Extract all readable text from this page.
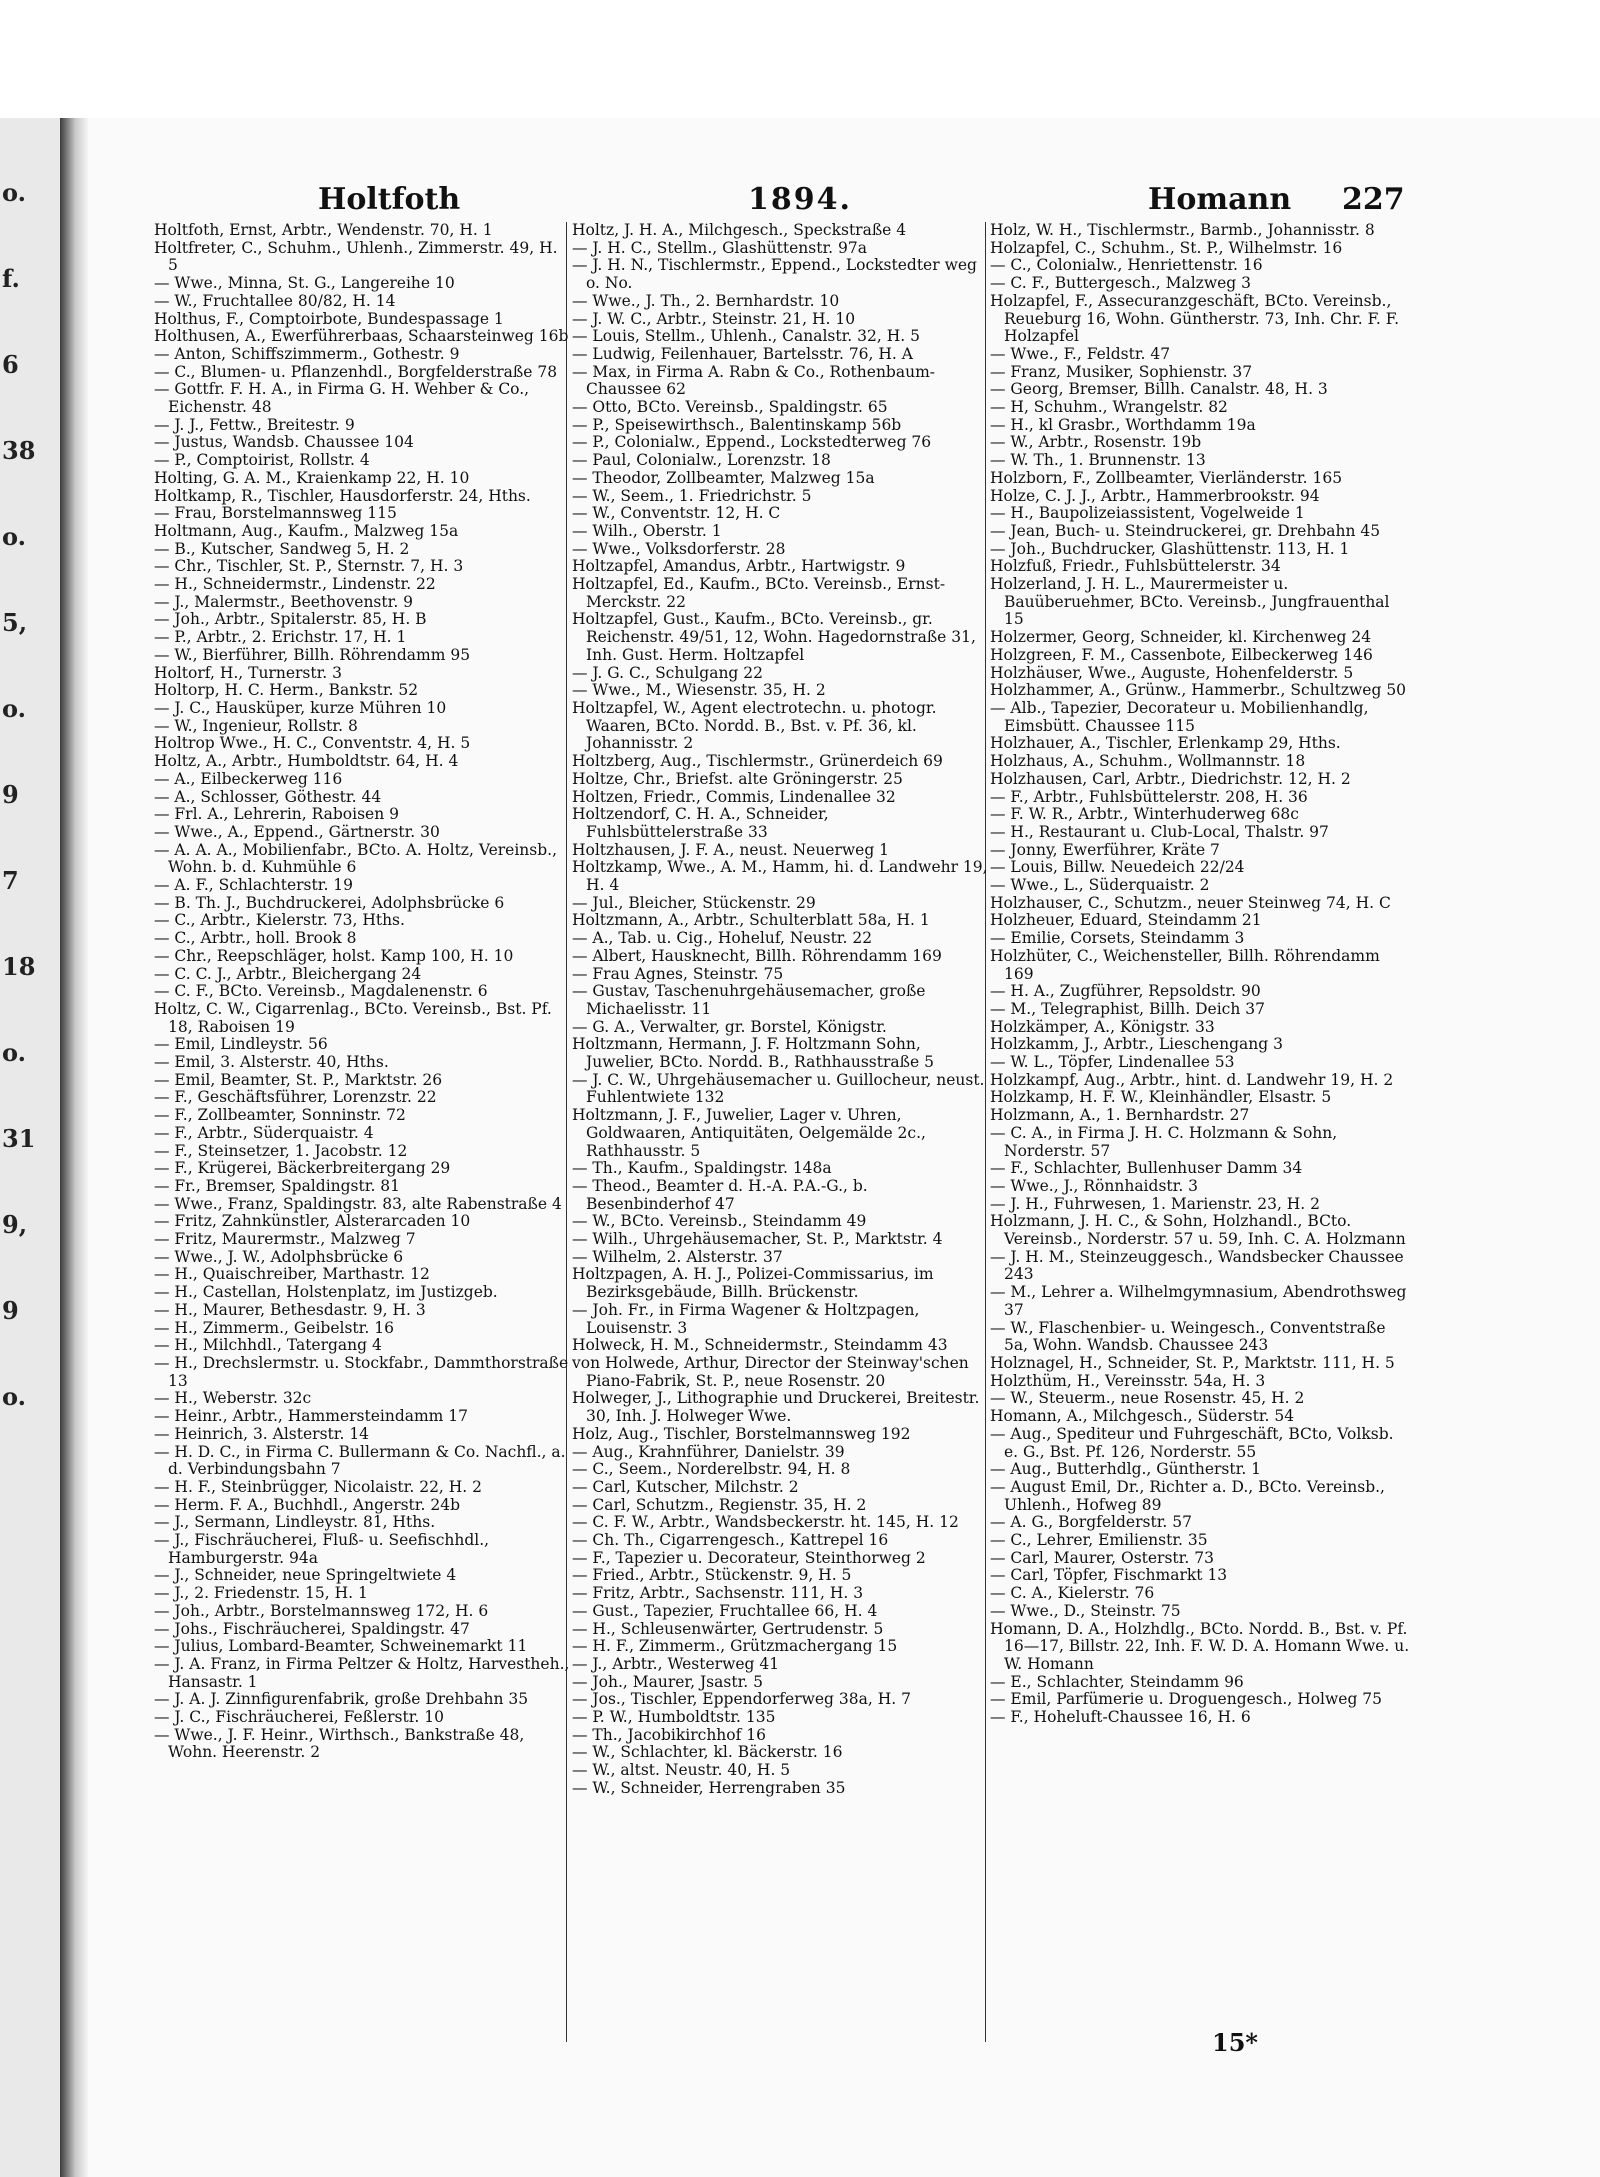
o.
f.
6
38
o.
5,
o.
9
7
18
o.
31
9,
9
o.
Holtfoth	1894.	Homann 227

Holtfoth, Ernst, Arbtr., Wendenstr. 70, H. 1

Holtfreter, C., Schuhm., Uhlenh., Zimmerstr. 49, H. 5

— Wwe., Minna, St. G., Langereihe 10

— W., Fruchtallee 80/82, H. 14

Holthus, F., Comptoirbote, Bundespassage 1

Holthusen, A., Ewerführerbaas, Schaarsteinweg 16b

— Anton, Schiffszimmerm., Gothestr. 9

— C., Blumen- u. Pflanzenhdl., Borgfelderstraße 78

— Gottfr. F. H. A., in Firma G. H. Wehber & Co., Eichenstr. 48

— J. J., Fettw., Breitestr. 9

— Justus, Wandsb. Chaussee 104

— P., Comptoirist, Rollstr. 4

Holting, G. A. M., Kraienkamp 22, H. 10

Holtkamp, R., Tischler, Hausdorferstr. 24, Hths.

— Frau, Borstelmannsweg 115

Holtmann, Aug., Kaufm., Malzweg 15a

— B., Kutscher, Sandweg 5, H. 2

— Chr., Tischler, St. P., Sternstr. 7, H. 3

— H., Schneidermstr., Lindenstr. 22

— J., Malermstr., Beethovenstr. 9

— Joh., Arbtr., Spitalerstr. 85, H. B

— P., Arbtr., 2. Erichstr. 17, H. 1

— W., Bierführer, Billh. Röhrendamm 95

Holtorf, H., Turnerstr. 3

Holtorp, H. C. Herm., Bankstr. 52

— J. C., Hausküper, kurze Mühren 10

— W., Ingenieur, Rollstr. 8

Holtrop Wwe., H. C., Conventstr. 4, H. 5

Holtz, A., Arbtr., Humboldtstr. 64, H. 4

— A., Eilbeckerweg 116

— A., Schlosser, Göthestr. 44

— Frl. A., Lehrerin, Raboisen 9

— Wwe., A., Eppend., Gärtnerstr. 30

— A. A. A., Mobilienfabr., BCto. A. Holtz, Vereinsb., Wohn. b. d. Kuhmühle 6

— A. F., Schlachterstr. 19

— B. Th. J., Buchdruckerei, Adolphsbrücke 6

— C., Arbtr., Kielerstr. 73, Hths.

— C., Arbtr., holl. Brook 8

— Chr., Reepschläger, holst. Kamp 100, H. 10

— C. C. J., Arbtr., Bleichergang 24

— C. F., BCto. Vereinsb., Magdalenenstr. 6

Holtz, C. W., Cigarrenlag., BCto. Vereinsb., Bst. Pf. 18, Raboisen 19

— Emil, Lindleystr. 56

— Emil, 3. Alsterstr. 40, Hths.

— Emil, Beamter, St. P., Marktstr. 26

— F., Geschäftsführer, Lorenzstr. 22

— F., Zollbeamter, Sonninstr. 72

— F., Arbtr., Süderquaistr. 4

— F., Steinsetzer, 1. Jacobstr. 12

— F., Krügerei, Bäckerbreitergang 29

— Fr., Bremser, Spaldingstr. 81

— Wwe., Franz, Spaldingstr. 83, alte Rabenstraße 4

— Fritz, Zahnkünstler, Alsterarcaden 10

— Fritz, Maurermstr., Malzweg 7

— Wwe., J. W., Adolphsbrücke 6

— H., Quaischreiber, Marthastr. 12

— H., Castellan, Holstenplatz, im Justizgeb.

— H., Maurer, Bethesdastr. 9, H. 3

— H., Zimmerm., Geibelstr. 16

— H., Milchhdl., Tatergang 4

— H., Drechslermstr. u. Stockfabr., Dammthorstraße 13

— H., Weberstr. 32c

— Heinr., Arbtr., Hammersteindamm 17

— Heinrich, 3. Alsterstr. 14

— H. D. C., in Firma C. Bullermann & Co. Nachfl., a. d. Verbindungsbahn 7

— H. F., Steinbrügger, Nicolaistr. 22, H. 2

— Herm. F. A., Buchhdl., Angerstr. 24b

— J., Sermann, Lindleystr. 81, Hths.

— J., Fischräucherei, Fluß- u. Seefischhdl., Hamburgerstr. 94a

— J., Schneider, neue Springeltwiete 4

— J., 2. Friedenstr. 15, H. 1

— Joh., Arbtr., Borstelmannsweg 172, H. 6

— Johs., Fischräucherei, Spaldingstr. 47

— Julius, Lombard-Beamter, Schweinemarkt 11

— J. A. Franz, in Firma Peltzer & Holtz, Harvestheh., Hansastr. 1

— J. A. J. Zinnfigurenfabrik, große Drehbahn 35

— J. C., Fischräucherei, Feßlerstr. 10

— Wwe., J. F. Heinr., Wirthsch., Bankstraße 48, Wohn. Heerenstr. 2

Holtz, J. H. A., Milchgesch., Speckstraße 4

— J. H. C., Stellm., Glashüttenstr. 97a

— J. H. N., Tischlermstr., Eppend., Lockstedter weg o. No.

— Wwe., J. Th., 2. Bernhardstr. 10

— J. W. C., Arbtr., Steinstr. 21, H. 10

— Louis, Stellm., Uhlenh., Canalstr. 32, H. 5

— Ludwig, Feilenhauer, Bartelsstr. 76, H. A

— Max, in Firma A. Rabn & Co., Rothenbaum-Chaussee 62

— Otto, BCto. Vereinsb., Spaldingstr. 65

— P., Speisewirthsch., Balentinskamp 56b

— P., Colonialw., Eppend., Lockstedterweg 76

— Paul, Colonialw., Lorenzstr. 18

— Theodor, Zollbeamter, Malzweg 15a

— W., Seem., 1. Friedrichstr. 5

— W., Conventstr. 12, H. C

— Wilh., Oberstr. 1

— Wwe., Volksdorferstr. 28

Holtzapfel, Amandus, Arbtr., Hartwigstr. 9

Holtzapfel, Ed., Kaufm., BCto. Vereinsb., Ernst-Merckstr. 22

Holtzapfel, Gust., Kaufm., BCto. Vereinsb., gr. Reichenstr. 49/51, 12, Wohn. Hagedornstraße 31, Inh. Gust. Herm. Holtzapfel

— J. G. C., Schulgang 22

— Wwe., M., Wiesenstr. 35, H. 2

Holtzapfel, W., Agent electrotechn. u. photogr. Waaren, BCto. Nordd. B., Bst. v. Pf. 36, kl. Johannisstr. 2

Holtzberg, Aug., Tischlermstr., Grünerdeich 69

Holtze, Chr., Briefst. alte Gröningerstr. 25

Holtzen, Friedr., Commis, Lindenallee 32

Holtzendorf, C. H. A., Schneider, Fuhlsbüttelerstraße 33

Holtzhausen, J. F. A., neust. Neuerweg 1

Holtzkamp, Wwe., A. M., Hamm, hi. d. Landwehr 19, H. 4

— Jul., Bleicher, Stückenstr. 29

Holtzmann, A., Arbtr., Schulterblatt 58a, H. 1

— A., Tab. u. Cig., Hoheluf, Neustr. 22

— Albert, Hausknecht, Billh. Röhrendamm 169

— Frau Agnes, Steinstr. 75

— Gustav, Taschenuhrgehäusemacher, große Michaelisstr. 11

— G. A., Verwalter, gr. Borstel, Königstr.

Holtzmann, Hermann, J. F. Holtzmann Sohn, Juwelier, BCto. Nordd. B., Rathhausstraße 5

— J. C. W., Uhrgehäusemacher u. Guillocheur, neust. Fuhlentwiete 132

Holtzmann, J. F., Juwelier, Lager v. Uhren, Goldwaaren, Antiquitäten, Oelgemälde 2c., Rathhausstr. 5

— Th., Kaufm., Spaldingstr. 148a

— Theod., Beamter d. H.-A. P.A.-G., b. Besenbinderhof 47

— W., BCto. Vereinsb., Steindamm 49

— Wilh., Uhrgehäusemacher, St. P., Marktstr. 4

— Wilhelm, 2. Alsterstr. 37

Holtzpagen, A. H. J., Polizei-Commissarius, im Bezirksgebäude, Billh. Brückenstr.

— Joh. Fr., in Firma Wagener & Holtzpagen, Louisenstr. 3

Holweck, H. M., Schneidermstr., Steindamm 43

von Holwede, Arthur, Director der Steinway'schen Piano-Fabrik, St. P., neue Rosenstr. 20

Holweger, J., Lithographie und Druckerei, Breitestr. 30, Inh. J. Holweger Wwe.

Holz, Aug., Tischler, Borstelmannsweg 192

— Aug., Krahnführer, Danielstr. 39

— C., Seem., Norderelbstr. 94, H. 8

— Carl, Kutscher, Milchstr. 2

— Carl, Schutzm., Regienstr. 35, H. 2

— C. F. W., Arbtr., Wandsbeckerstr. ht. 145, H. 12

— Ch. Th., Cigarrengesch., Kattrepel 16

— F., Tapezier u. Decorateur, Steinthorweg 2

— Fried., Arbtr., Stückenstr. 9, H. 5

— Fritz, Arbtr., Sachsenstr. 111, H. 3

— Gust., Tapezier, Fruchtallee 66, H. 4

— H., Schleusenwärter, Gertrudenstr. 5

— H. F., Zimmerm., Grützmachergang 15

— J., Arbtr., Westerweg 41

— Joh., Maurer, Jsastr. 5

— Jos., Tischler, Eppendorferweg 38a, H. 7

— P. W., Humboldtstr. 135

— Th., Jacobikirchhof 16

— W., Schlachter, kl. Bäckerstr. 16

— W., altst. Neustr. 40, H. 5

— W., Schneider, Herrengraben 35

Holz, W. H., Tischlermstr., Barmb., Johannisstr. 8

Holzapfel, C., Schuhm., St. P., Wilhelmstr. 16

— C., Colonialw., Henriettenstr. 16

— C. F., Buttergesch., Malzweg 3

Holzapfel, F., Assecuranzgeschäft, BCto. Vereinsb., Reueburg 16, Wohn. Güntherstr. 73, Inh. Chr. F. F. Holzapfel

— Wwe., F., Feldstr. 47

— Franz, Musiker, Sophienstr. 37

— Georg, Bremser, Billh. Canalstr. 48, H. 3

— H, Schuhm., Wrangelstr. 82

— H., kl Grasbr., Worthdamm 19a

— W., Arbtr., Rosenstr. 19b

— W. Th., 1. Brunnenstr. 13

Holzborn, F., Zollbeamter, Vierländerstr. 165

Holze, C. J. J., Arbtr., Hammerbrookstr. 94

— H., Baupolizeiassistent, Vogelweide 1

— Jean, Buch- u. Steindruckerei, gr. Drehbahn 45

— Joh., Buchdrucker, Glashüttenstr. 113, H. 1

Holzfuß, Friedr., Fuhlsbüttelerstr. 34

Holzerland, J. H. L., Maurermeister u. Bauüberuehmer, BCto. Vereinsb., Jungfrauenthal 15

Holzermer, Georg, Schneider, kl. Kirchenweg 24

Holzgreen, F. M., Cassenbote, Eilbeckerweg 146

Holzhäuser, Wwe., Auguste, Hohenfelderstr. 5

Holzhammer, A., Grünw., Hammerbr., Schultzweg 50

— Alb., Tapezier, Decorateur u. Mobilienhandlg, Eimsbütt. Chaussee 115

Holzhauer, A., Tischler, Erlenkamp 29, Hths.

Holzhaus, A., Schuhm., Wollmannstr. 18

Holzhausen, Carl, Arbtr., Diedrichstr. 12, H. 2

— F., Arbtr., Fuhlsbüttelerstr. 208, H. 36

— F. W. R., Arbtr., Winterhuderweg 68c

— H., Restaurant u. Club-Local, Thalstr. 97

— Jonny, Ewerführer, Kräte 7

— Louis, Billw. Neuedeich 22/24

— Wwe., L., Süderquaistr. 2

Holzhauser, C., Schutzm., neuer Steinweg 74, H. C

Holzheuer, Eduard, Steindamm 21

— Emilie, Corsets, Steindamm 3

Holzhüter, C., Weichensteller, Billh. Röhrendamm 169

— H. A., Zugführer, Repsoldstr. 90

— M., Telegraphist, Billh. Deich 37

Holzkämper, A., Königstr. 33

Holzkamm, J., Arbtr., Lieschengang 3

— W. L., Töpfer, Lindenallee 53

Holzkampf, Aug., Arbtr., hint. d. Landwehr 19, H. 2

Holzkamp, H. F. W., Kleinhändler, Elsastr. 5

Holzmann, A., 1. Bernhardstr. 27

— C. A., in Firma J. H. C. Holzmann & Sohn, Norderstr. 57

— F., Schlachter, Bullenhuser Damm 34

— Wwe., J., Rönnhaidstr. 3

— J. H., Fuhrwesen, 1. Marienstr. 23, H. 2

Holzmann, J. H. C., & Sohn, Holzhandl., BCto. Vereinsb., Norderstr. 57 u. 59, Inh. C. A. Holzmann

— J. H. M., Steinzeuggesch., Wandsbecker Chaussee 243

— M., Lehrer a. Wilhelmgymnasium, Abendrothsweg 37

— W., Flaschenbier- u. Weingesch., Conventstraße 5a, Wohn. Wandsb. Chaussee 243

Holznagel, H., Schneider, St. P., Marktstr. 111, H. 5

Holzthüm, H., Vereinsstr. 54a, H. 3

— W., Steuerm., neue Rosenstr. 45, H. 2

Homann, A., Milchgesch., Süderstr. 54

— Aug., Spediteur und Fuhrgeschäft, BCto, Volksb. e. G., Bst. Pf. 126, Norderstr. 55

— Aug., Butterhdlg., Güntherstr. 1

— August Emil, Dr., Richter a. D., BCto. Vereinsb., Uhlenh., Hofweg 89

— A. G., Borgfelderstr. 57

— C., Lehrer, Emilienstr. 35

— Carl, Maurer, Osterstr. 73

— Carl, Töpfer, Fischmarkt 13

— C. A., Kielerstr. 76

— Wwe., D., Steinstr. 75

Homann, D. A., Holzhdlg., BCto. Nordd. B., Bst. v. Pf. 16—17, Billstr. 22, Inh. F. W. D. A. Homann Wwe. u. W. Homann

— E., Schlachter, Steindamm 96

— Emil, Parfümerie u. Droguengesch., Holweg 75

— F., Hoheluft-Chaussee 16, H. 6

15*
